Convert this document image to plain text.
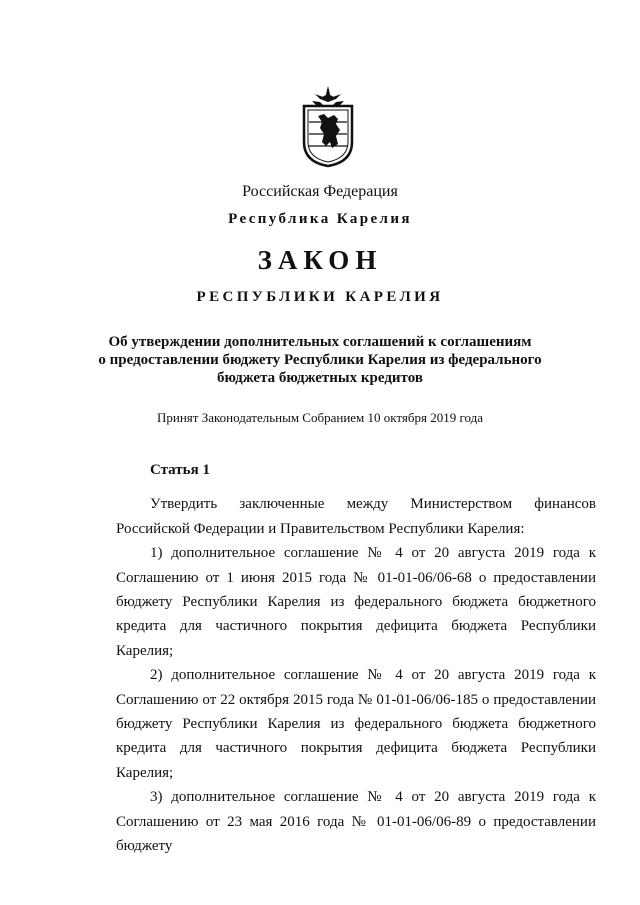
Российская Федерация
Республика Карелия
ЗАКОН
РЕСПУБЛИКИ КАРЕЛИЯ
Об утверждении дополнительных соглашений к соглашениям
о предоставлении бюджету Республики Карелия из федерального
бюджета бюджетных кредитов
Принят Законодательным Собранием 10 октября 2019 года

Статья 1

Утвердить заключенные между Министерством финансов Российской Федерации и Правительством Республики Карелия:

1) дополнительное соглашение № 4 от 20 августа 2019 года к Соглашению от 1 июня 2015 года № 01-01-06/06-68 о предоставлении бюджету Республики Карелия из федерального бюджета бюджетного кредита для частичного покрытия дефицита бюджета Республики Карелия;

2) дополнительное соглашение № 4 от 20 августа 2019 года к Соглашению от 22 октября 2015 года № 01-01-06/06-185 о предоставлении бюджету Республики Карелия из федерального бюджета бюджетного кредита для частичного покрытия дефицита бюджета Республики Карелия;

3) дополнительное соглашение № 4 от 20 августа 2019 года к Соглашению от 23 мая 2016 года № 01-01-06/06-89 о предоставлении бюджету
